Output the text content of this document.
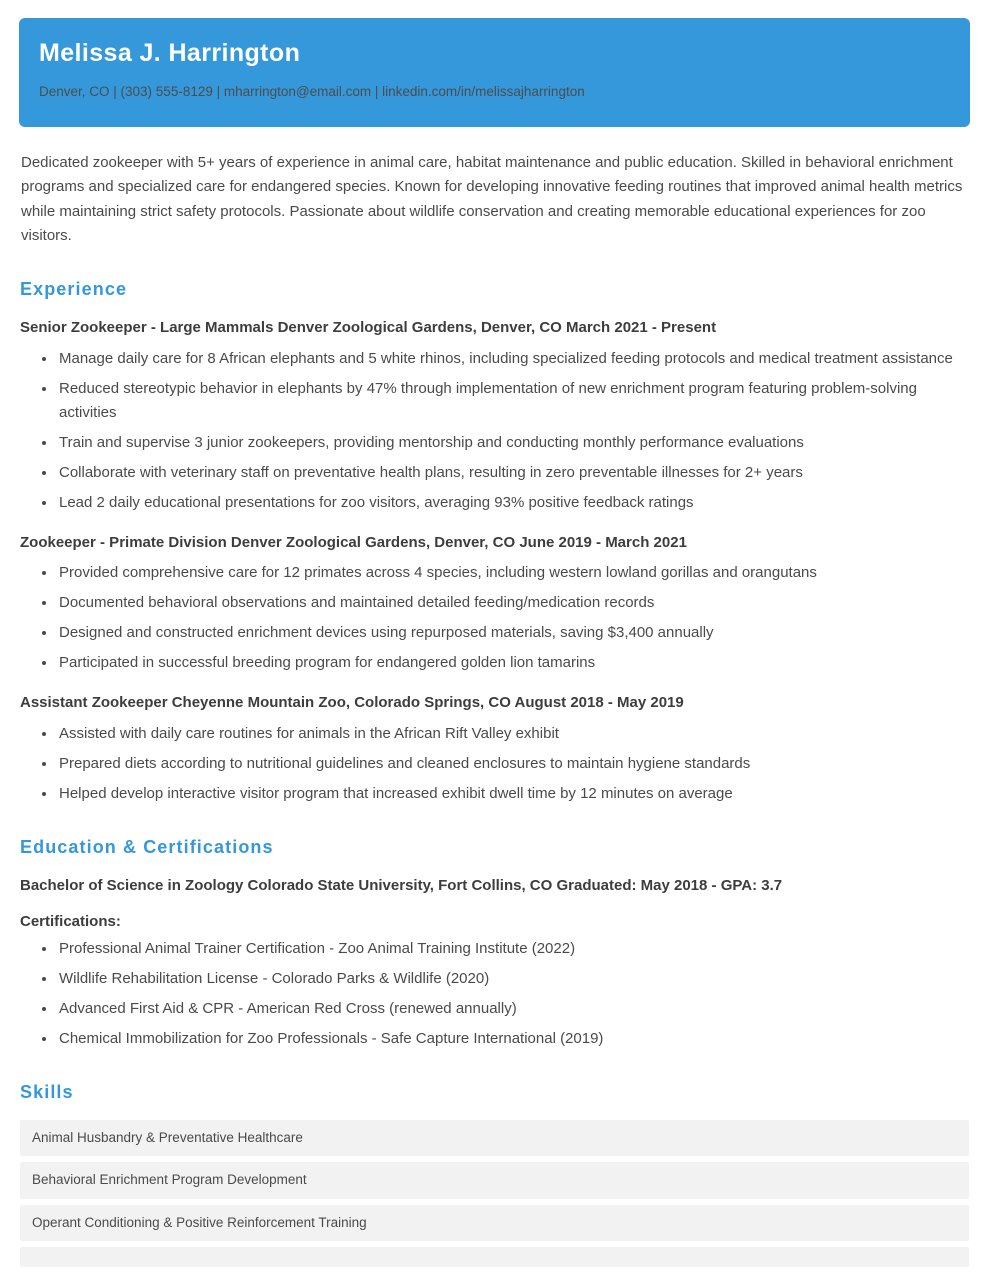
Melissa J. Harrington

Denver, CO | (303) 555-8129 | mharrington@email.com | linkedin.com/in/melissajharrington

Dedicated zookeeper with 5+ years of experience in animal care, habitat maintenance and public education. Skilled in behavioral enrichment programs and specialized care for endangered species. Known for developing innovative feeding routines that improved animal health metrics while maintaining strict safety protocols. Passionate about wildlife conservation and creating memorable educational experiences for zoo visitors.

Experience
Senior Zookeeper - Large Mammals Denver Zoological Gardens, Denver, CO March 2021 - Present
• Manage daily care for 8 African elephants and 5 white rhinos, including specialized feeding protocols and medical treatment assistance
• Reduced stereotypic behavior in elephants by 47% through implementation of new enrichment program featuring problem-solving activities
• Train and supervise 3 junior zookeepers, providing mentorship and conducting monthly performance evaluations
• Collaborate with veterinary staff on preventative health plans, resulting in zero preventable illnesses for 2+ years
• Lead 2 daily educational presentations for zoo visitors, averaging 93% positive feedback ratings
Zookeeper - Primate Division Denver Zoological Gardens, Denver, CO June 2019 - March 2021
• Provided comprehensive care for 12 primates across 4 species, including western lowland gorillas and orangutans
• Documented behavioral observations and maintained detailed feeding/medication records
• Designed and constructed enrichment devices using repurposed materials, saving $3,400 annually
• Participated in successful breeding program for endangered golden lion tamarins
Assistant Zookeeper Cheyenne Mountain Zoo, Colorado Springs, CO August 2018 - May 2019
• Assisted with daily care routines for animals in the African Rift Valley exhibit
• Prepared diets according to nutritional guidelines and cleaned enclosures to maintain hygiene standards
• Helped develop interactive visitor program that increased exhibit dwell time by 12 minutes on average
Education & Certifications
Bachelor of Science in Zoology Colorado State University, Fort Collins, CO Graduated: May 2018 - GPA: 3.7

Certifications:

• Professional Animal Trainer Certification - Zoo Animal Training Institute (2022)
• Wildlife Rehabilitation License - Colorado Parks & Wildlife (2020)
• Advanced First Aid & CPR - American Red Cross (renewed annually)
• Chemical Immobilization for Zoo Professionals - Safe Capture International (2019)
Skills
Animal Husbandry & Preventative Healthcare
Behavioral Enrichment Program Development
Operant Conditioning & Positive Reinforcement Training
